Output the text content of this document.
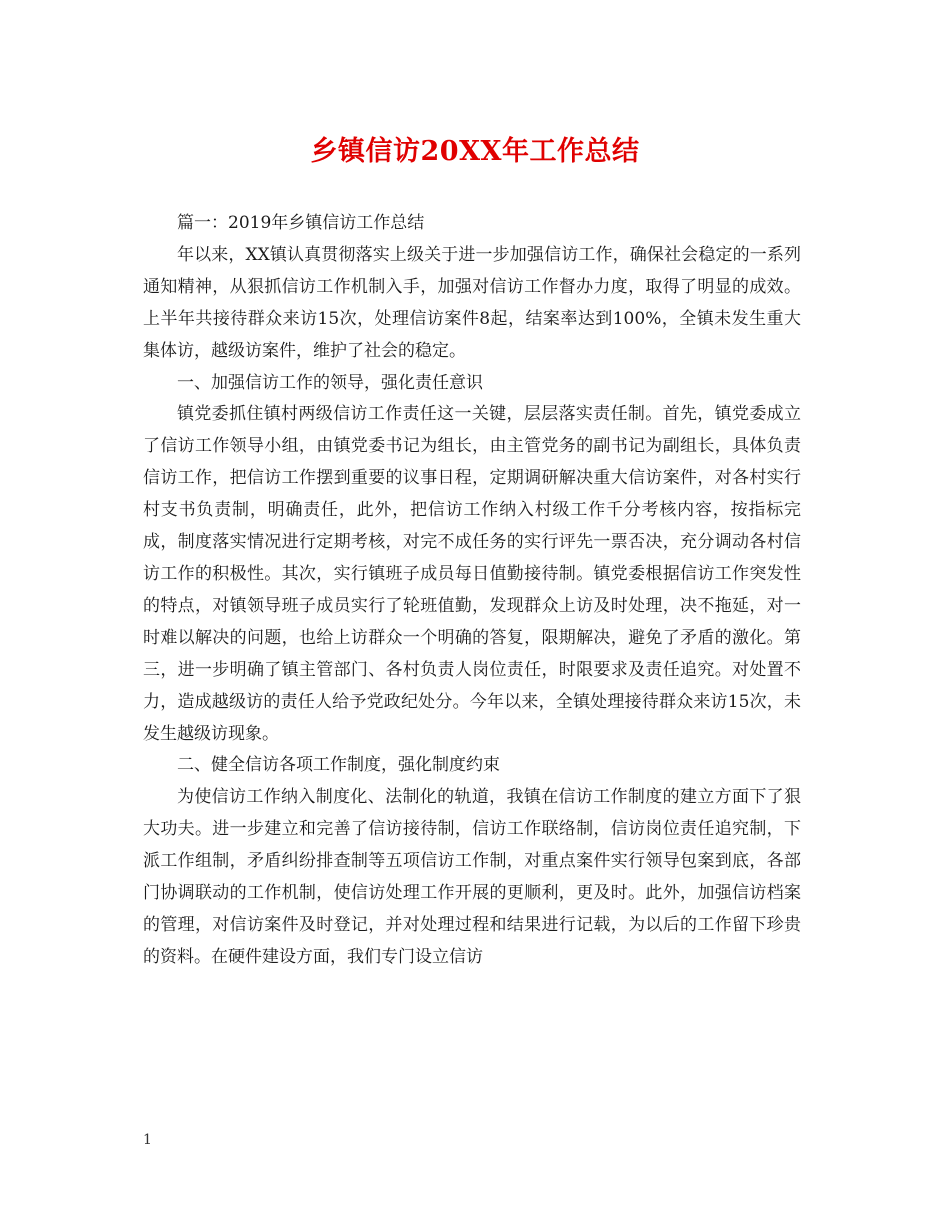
乡镇信访20XX年工作总结

篇一：2019年乡镇信访工作总结

年以来，XX镇认真贯彻落实上级关于进一步加强信访工作，确保社会稳定的一系列通知精神，从狠抓信访工作机制入手，加强对信访工作督办力度，取得了明显的成效。上半年共接待群众来访15次，处理信访案件8起，结案率达到100%，全镇未发生重大集体访，越级访案件，维护了社会的稳定。

一、加强信访工作的领导，强化责任意识

镇党委抓住镇村两级信访工作责任这一关键，层层落实责任制。首先，镇党委成立了信访工作领导小组，由镇党委书记为组长，由主管党务的副书记为副组长，具体负责信访工作，把信访工作摆到重要的议事日程，定期调研解决重大信访案件，对各村实行村支书负责制，明确责任，此外，把信访工作纳入村级工作千分考核内容，按指标完成，制度落实情况进行定期考核，对完不成任务的实行评先一票否决，充分调动各村信访工作的积极性。其次，实行镇班子成员每日值勤接待制。镇党委根据信访工作突发性的特点，对镇领导班子成员实行了轮班值勤，发现群众上访及时处理，决不拖延，对一时难以解决的问题，也给上访群众一个明确的答复，限期解决，避免了矛盾的激化。第三，进一步明确了镇主管部门、各村负责人岗位责任，时限要求及责任追究。对处置不力，造成越级访的责任人给予党政纪处分。今年以来，全镇处理接待群众来访15次，未发生越级访现象。

二、健全信访各项工作制度，强化制度约束

为使信访工作纳入制度化、法制化的轨道，我镇在信访工作制度的建立方面下了狠大功夫。进一步建立和完善了信访接待制，信访工作联络制，信访岗位责任追究制，下派工作组制，矛盾纠纷排查制等五项信访工作制，对重点案件实行领导包案到底，各部门协调联动的工作机制，使信访处理工作开展的更顺利，更及时。此外，加强信访档案的管理，对信访案件及时登记，并对处理过程和结果进行记载，为以后的工作留下珍贵的资料。在硬件建设方面，我们专门设立信访

1
